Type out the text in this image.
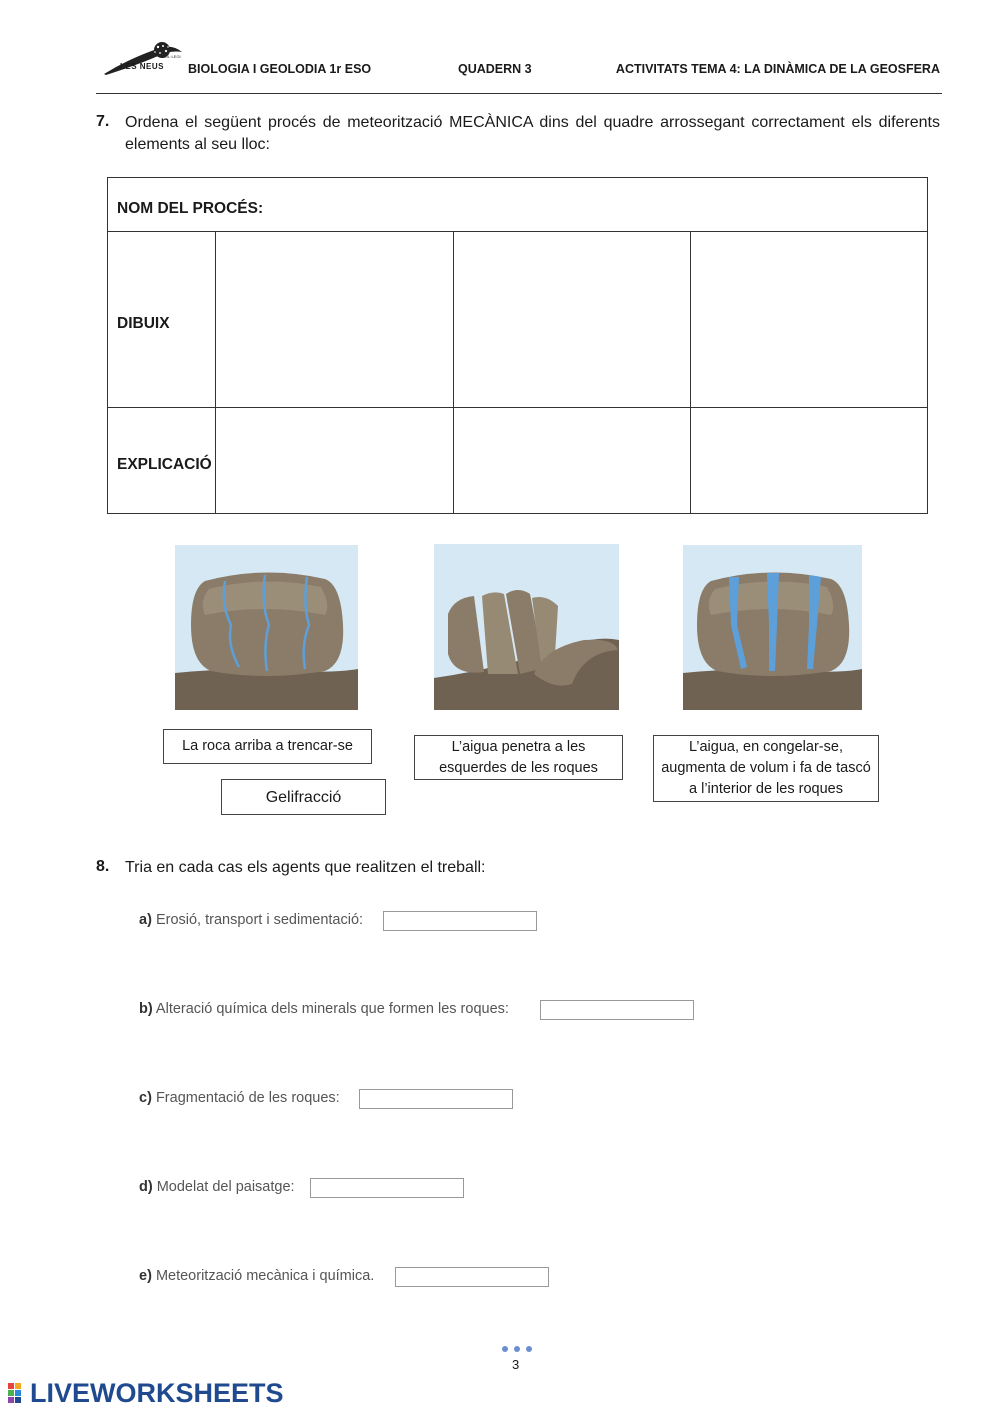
COL·LEGI
LES NEUS BIOLOGIA I GEOLODIA 1r ESO	QUADERN 3	ACTIVITATS TEMA 4: LA DINÀMICA DE LA GEOSFERA
7. Ordena el següent procés de meteorització MECÀNICA dins del quadre arrossegant correctament els diferents elements al seu lloc:
NOM DEL PROCÉS:
DIBUIX
EXPLICACIÓ
La roca arriba a trencar-se	L’aigua penetra a les esquerdes de les roques
L’aigua, en congelar-se, augmenta de volum i fa de tascó a l’interior de les roques
Gelifracció
8. Tria en cada cas els agents que realitzen el treball:
a) Erosió, transport i sedimentació:
b) Alteració química dels minerals que formen les roques:
c) Fragmentació de les roques:
d) Modelat del paisatge:
e) Meteorització mecànica i química.
3
LIVEWORKSHEETS
